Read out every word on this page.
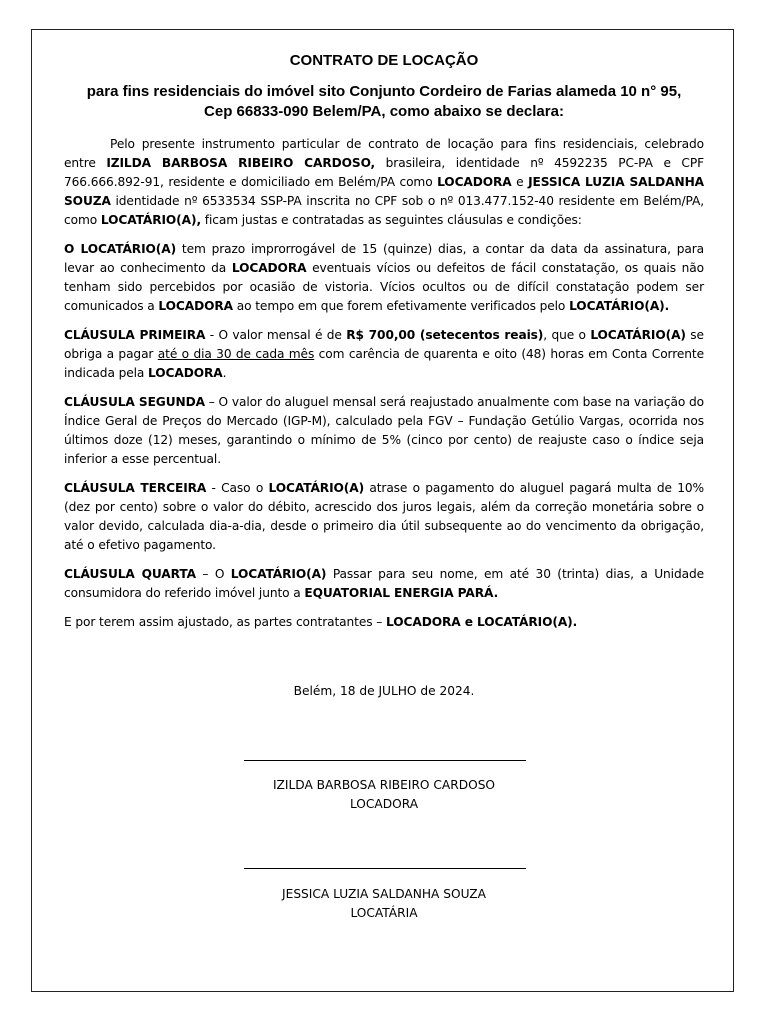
CONTRATO DE LOCAÇÃO

para fins residenciais do imóvel sito Conjunto Cordeiro de Farias alameda 10 n° 95,
Cep 66833-090 Belem/PA, como abaixo se declara:

Pelo presente instrumento particular de contrato de locação para fins residenciais, celebrado entre IZILDA BARBOSA RIBEIRO CARDOSO, brasileira, identidade nº 4592235 PC-PA e CPF 766.666.892-91, residente e domiciliado em Belém/PA como LOCADORA e JESSICA LUZIA SALDANHA SOUZA identidade nº 6533534 SSP-PA inscrita no CPF sob o nº 013.477.152-40 residente em Belém/PA, como LOCATÁRIO(A), ficam justas e contratadas as seguintes cláusulas e condições:

O LOCATÁRIO(A) tem prazo improrrogável de 15 (quinze) dias, a contar da data da assinatura, para levar ao conhecimento da LOCADORA eventuais vícios ou defeitos de fácil constatação, os quais não tenham sido percebidos por ocasião de vistoria. Vícios ocultos ou de difícil constatação podem ser comunicados a LOCADORA ao tempo em que forem efetivamente verificados pelo LOCATÁRIO(A).

CLÁUSULA PRIMEIRA - O valor mensal é de R$ 700,00 (setecentos reais), que o LOCATÁRIO(A) se obriga a pagar até o dia 30 de cada mês com carência de quarenta e oito (48) horas em Conta Corrente indicada pela LOCADORA.

CLÁUSULA SEGUNDA – O valor do aluguel mensal será reajustado anualmente com base na variação do Índice Geral de Preços do Mercado (IGP-M), calculado pela FGV – Fundação Getúlio Vargas, ocorrida nos últimos doze (12) meses, garantindo o mínimo de 5% (cinco por cento) de reajuste caso o índice seja inferior a esse percentual.

CLÁUSULA TERCEIRA - Caso o LOCATÁRIO(A) atrase o pagamento do aluguel pagará multa de 10% (dez por cento) sobre o valor do débito, acrescido dos juros legais, além da correção monetária sobre o valor devido, calculada dia-a-dia, desde o primeiro dia útil subsequente ao do vencimento da obrigação, até o efetivo pagamento.

CLÁUSULA QUARTA – O LOCATÁRIO(A) Passar para seu nome, em até 30 (trinta) dias, a Unidade consumidora do referido imóvel junto a EQUATORIAL ENERGIA PARÁ.

E por terem assim ajustado, as partes contratantes – LOCADORA e LOCATÁRIO(A).

Belém, 18 de JULHO de 2024.

IZILDA BARBOSA RIBEIRO CARDOSO

LOCADORA

JESSICA LUZIA SALDANHA SOUZA

LOCATÁRIA
